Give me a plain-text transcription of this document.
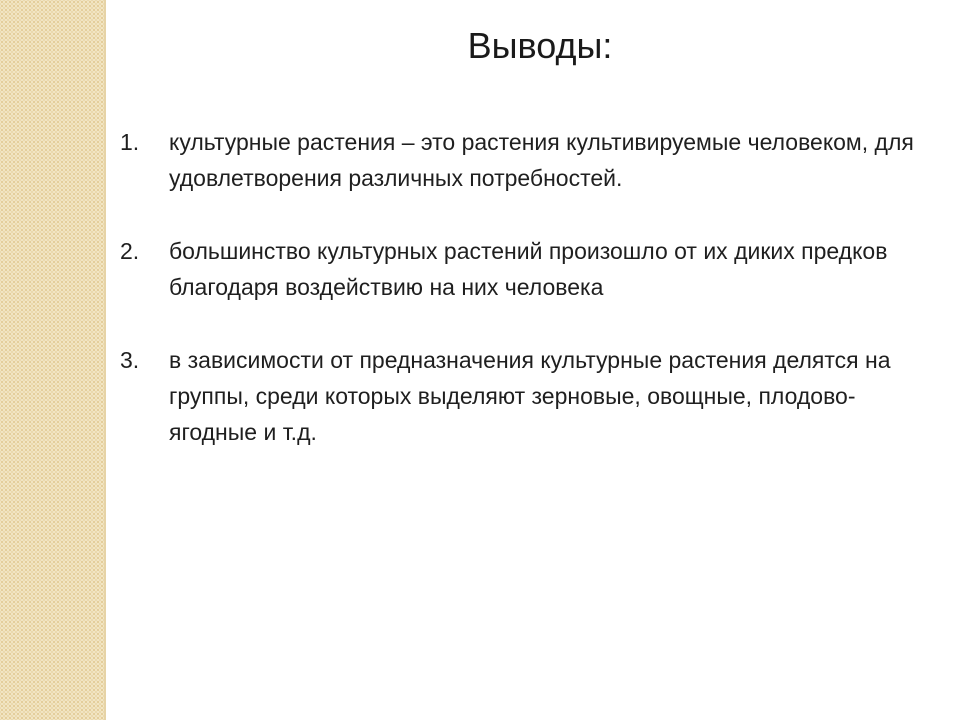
Выводы:
1.	культурные растения – это растения культивируемые человеком, для удовлетворения различных потребностей.
2.	большинство культурных растений произошло от их диких предков благодаря воздействию на них человека
3.	в зависимости от предназначения культурные растения делятся на группы, среди которых выделяют зерновые, овощные, плодово-ягодные и т.д.
